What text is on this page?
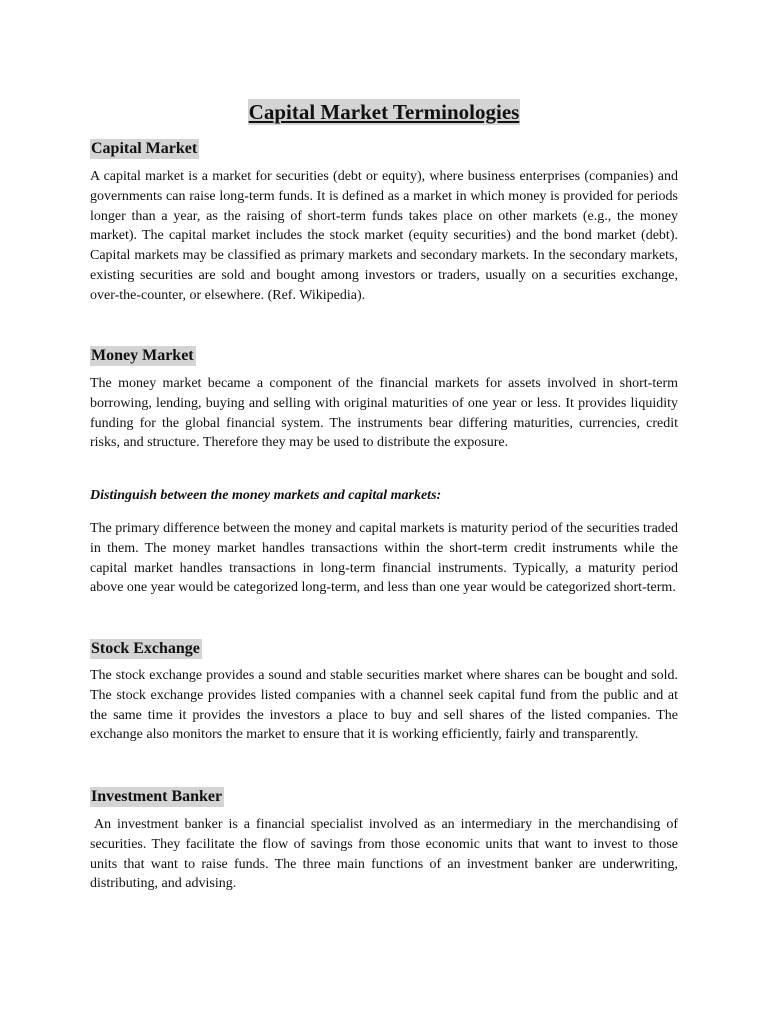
Capital Market Terminologies
Capital Market

A capital market is a market for securities (debt or equity), where business enterprises (companies) and governments can raise long-term funds. It is defined as a market in which money is provided for periods longer than a year, as the raising of short-term funds takes place on other markets (e.g., the money market). The capital market includes the stock market (equity securities) and the bond market (debt). Capital markets may be classified as primary markets and secondary markets. In the secondary markets, existing securities are sold and bought among investors or traders, usually on a securities exchange, over-the-counter, or elsewhere. (Ref. Wikipedia).

Money Market

The money market became a component of the financial markets for assets involved in short-term borrowing, lending, buying and selling with original maturities of one year or less. It provides liquidity funding for the global financial system. The instruments bear differing maturities, currencies, credit risks, and structure. Therefore they may be used to distribute the exposure.

Distinguish between the money markets and capital markets:

The primary difference between the money and capital markets is maturity period of the securities traded in them. The money market handles transactions within the short-term credit instruments while the capital market handles transactions in long-term financial instruments. Typically, a maturity period above one year would be categorized long-term, and less than one year would be categorized short-term.

Stock Exchange

The stock exchange provides a sound and stable securities market where shares can be bought and sold. The stock exchange provides listed companies with a channel seek capital fund from the public and at the same time it provides the investors a place to buy and sell shares of the listed companies. The exchange also monitors the market to ensure that it is working efficiently, fairly and transparently.

Investment Banker

An investment banker is a financial specialist involved as an intermediary in the merchandising of securities. They facilitate the flow of savings from those economic units that want to invest to those units that want to raise funds. The three main functions of an investment banker are underwriting, distributing, and advising.
